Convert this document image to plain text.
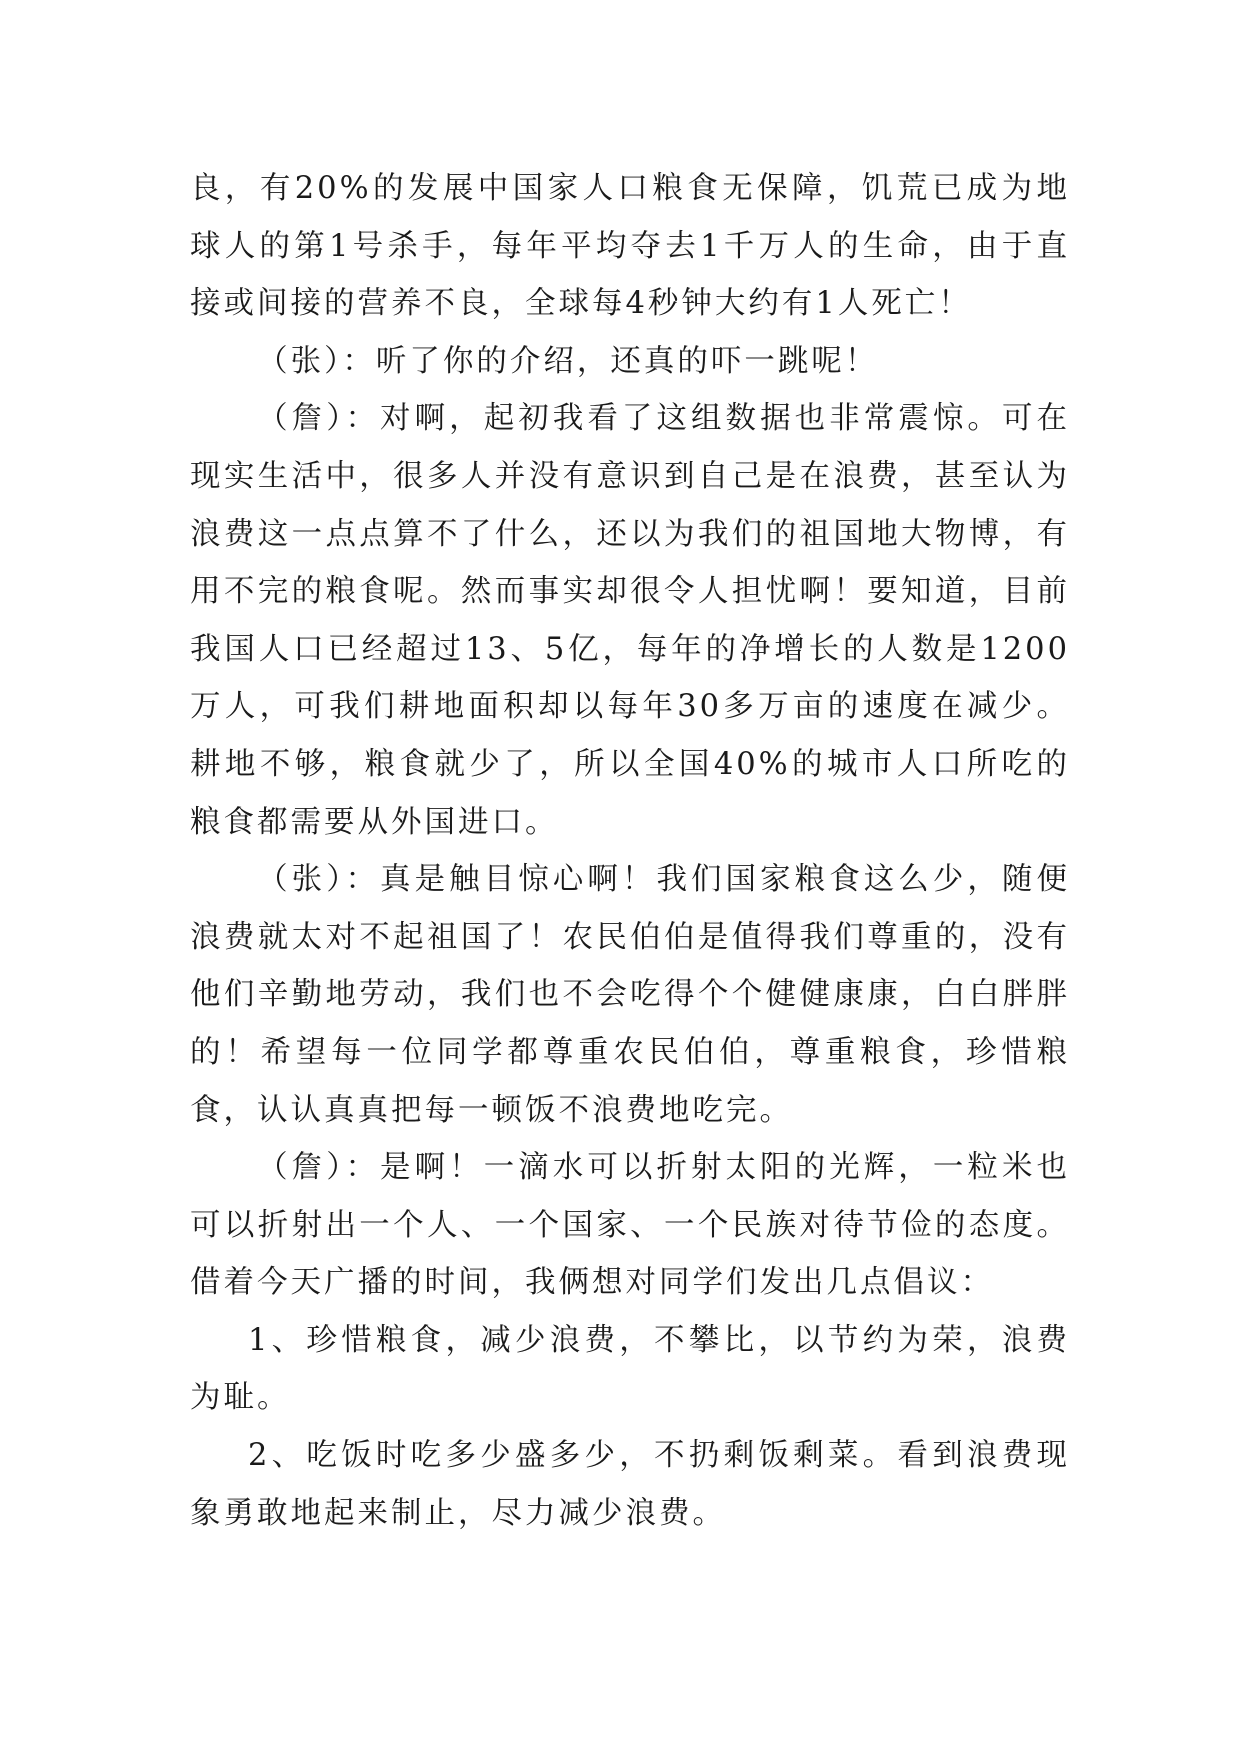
良，有20%的发展中国家人口粮食无保障，饥荒已成为地球人的第1号杀手，每年平均夺去1千万人的生命，由于直接或间接的营养不良，全球每4秒钟大约有1人死亡！

（张）：听了你的介绍，还真的吓一跳呢！

（詹）：对啊，起初我看了这组数据也非常震惊。可在现实生活中，很多人并没有意识到自己是在浪费，甚至认为浪费这一点点算不了什么，还以为我们的祖国地大物博，有用不完的粮食呢。然而事实却很令人担忧啊！要知道，目前我国人口已经超过13、5亿，每年的净增长的人数是1200万人，可我们耕地面积却以每年30多万亩的速度在减少。耕地不够，粮食就少了，所以全国40%的城市人口所吃的粮食都需要从外国进口。

（张）：真是触目惊心啊！我们国家粮食这么少，随便浪费就太对不起祖国了！农民伯伯是值得我们尊重的，没有他们辛勤地劳动，我们也不会吃得个个健健康康，白白胖胖的！希望每一位同学都尊重农民伯伯，尊重粮食，珍惜粮食，认认真真把每一顿饭不浪费地吃完。

（詹）：是啊！一滴水可以折射太阳的光辉，一粒米也可以折射出一个人、一个国家、一个民族对待节俭的态度。借着今天广播的时间，我俩想对同学们发出几点倡议：

1、珍惜粮食，减少浪费，不攀比，以节约为荣，浪费为耻。

2、吃饭时吃多少盛多少，不扔剩饭剩菜。看到浪费现象勇敢地起来制止，尽力减少浪费。
